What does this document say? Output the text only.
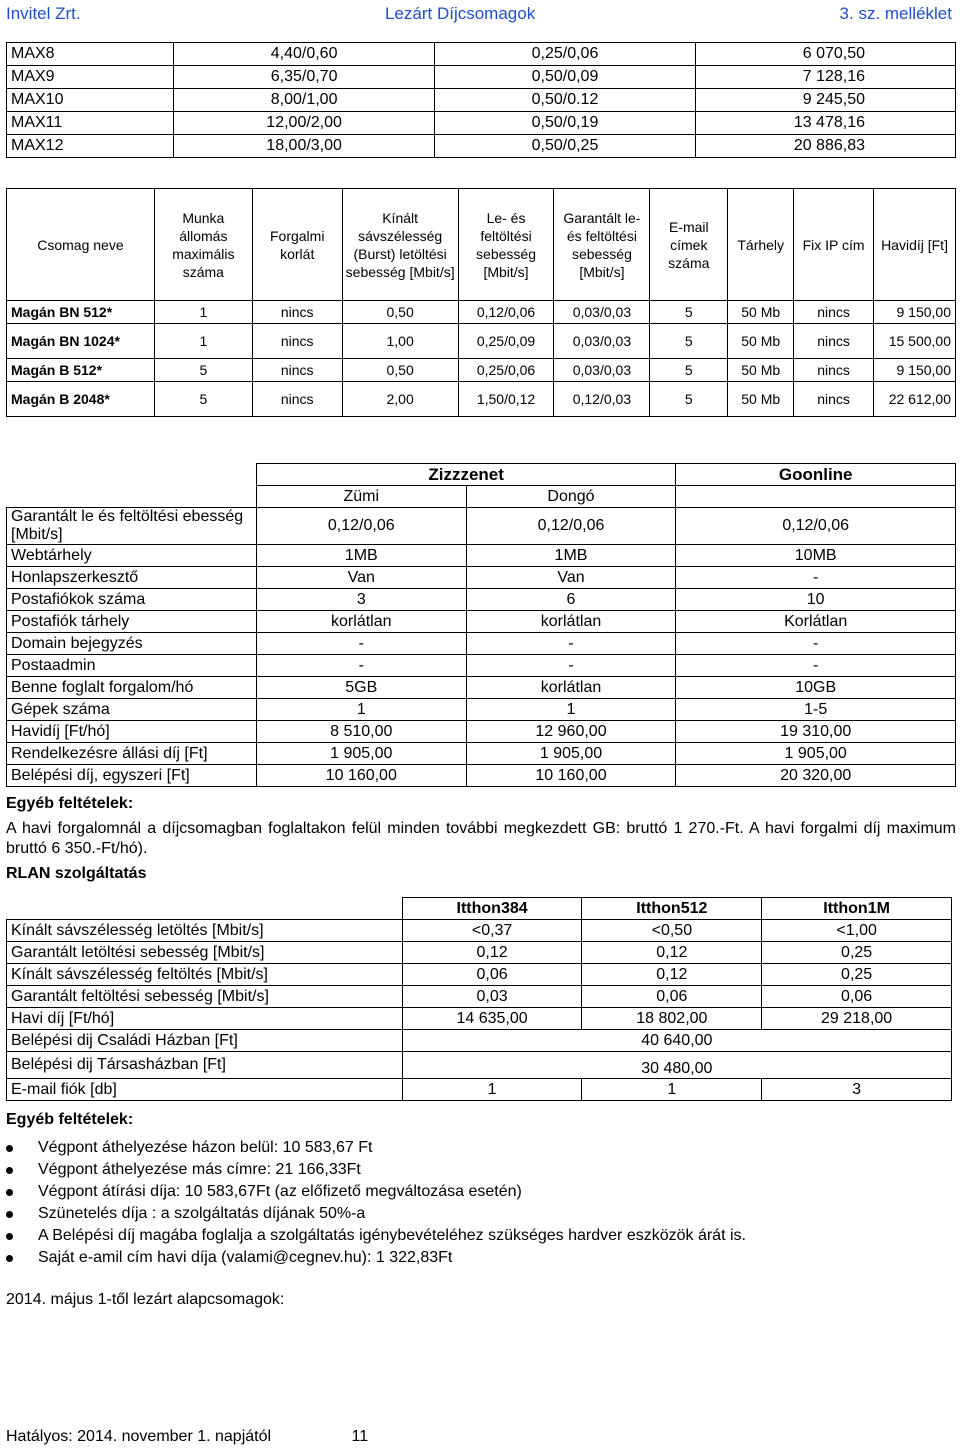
Invitel Zrt.	Lezárt Díjcsomagok	3. sz. melléklet
MAX8	4,40/0,60	0,25/0,06	6 070,50
MAX9	6,35/0,70	0,50/0,09	7 128,16
MAX10	8,00/1,00	0,50/0.12	9 245,50
MAX11	12,00/2,00	0,50/0,19	13 478,16
MAX12	18,00/3,00	0,50/0,25	20 886,83
Csomag neve	Munka állomás maximális száma	Forgalmi korlát	Kínált sávszélesség (Burst) letöltési sebesség [Mbit/s]	Le- és feltöltési sebesség [Mbit/s]	Garantált le- és feltöltési sebesség [Mbit/s]	E-mail címek száma	Tárhely	Fix IP cím	Havidíj [Ft]
Magán BN 512*	1	nincs	0,50	0,12/0,06	0,03/0,03	5	50 Mb	nincs	9 150,00
Magán BN 1024*	1	nincs	1,00	0,25/0,09	0,03/0,03	5	50 Mb	nincs	15 500,00
Magán B 512*	5	nincs	0,50	0,25/0,06	0,03/0,03	5	50 Mb	nincs	9 150,00
Magán B 2048*	5	nincs	2,00	1,50/0,12	0,12/0,03	5	50 Mb	nincs	22 612,00
	Zizzzenet		Goonline
	Zümi	Dongó	
Garantált le és feltöltési ebesség [Mbit/s]	0,12/0,06	0,12/0,06	0,12/0,06
Webtárhely	1MB	1MB	10MB
Honlapszerkesztő	Van	Van	-
Postafiókok száma	3	6	10
Postafiók tárhely	korlátlan	korlátlan	Korlátlan
Domain bejegyzés	-	-	-
Postaadmin	-	-	-
Benne foglalt forgalom/hó	5GB	korlátlan	10GB
Gépek száma	1	1	1-5
Havidíj [Ft/hó]	8 510,00	12 960,00	19 310,00
Rendelkezésre állási díj [Ft]	1 905,00	1 905,00	1 905,00
Belépési díj, egyszeri [Ft]	10 160,00	10 160,00	20 320,00
Egyéb feltételek:
A havi forgalomnál a díjcsomagban foglaltakon felül minden további megkezdett GB: bruttó 1 270.-Ft. A havi forgalmi díj maximum bruttó 6 350.-Ft/hó).
RLAN szolgáltatás
	Itthon384	Itthon512	Itthon1M
Kínált sávszélesség letöltés [Mbit/s]	<0,37	<0,50	<1,00
Garantált letöltési sebesség [Mbit/s]	0,12	0,12	0,25
Kínált sávszélesség feltöltés [Mbit/s]	0,06	0,12	0,25
Garantált feltöltési sebesség [Mbit/s]	0,03	0,06	0,06
Havi díj [Ft/hó]	14 635,00	18 802,00	29 218,00
Belépési dij Családi Házban [Ft]	40 640,00		
Belépési dij Társasházban [Ft]	30 480,00		
E-mail fiók [db]	1	1	3
Egyéb feltételek:
Végpont áthelyezése házon belül: 10 583,67 Ft
Végpont áthelyezése más címre: 21 166,33Ft
Végpont átírási díja: 10 583,67Ft (az előfizető megváltozása esetén)
Szünetelés díja : a szolgáltatás díjának 50%-a
A Belépési díj magába foglalja a szolgáltatás igénybevételéhez szükséges hardver eszközök árát is.
Saját e-amil cím havi díja (valami@cegnev.hu): 1 322,83Ft
2014. május 1-től lezárt alapcsomagok:
Hatályos: 2014. november 1. napjától	11
